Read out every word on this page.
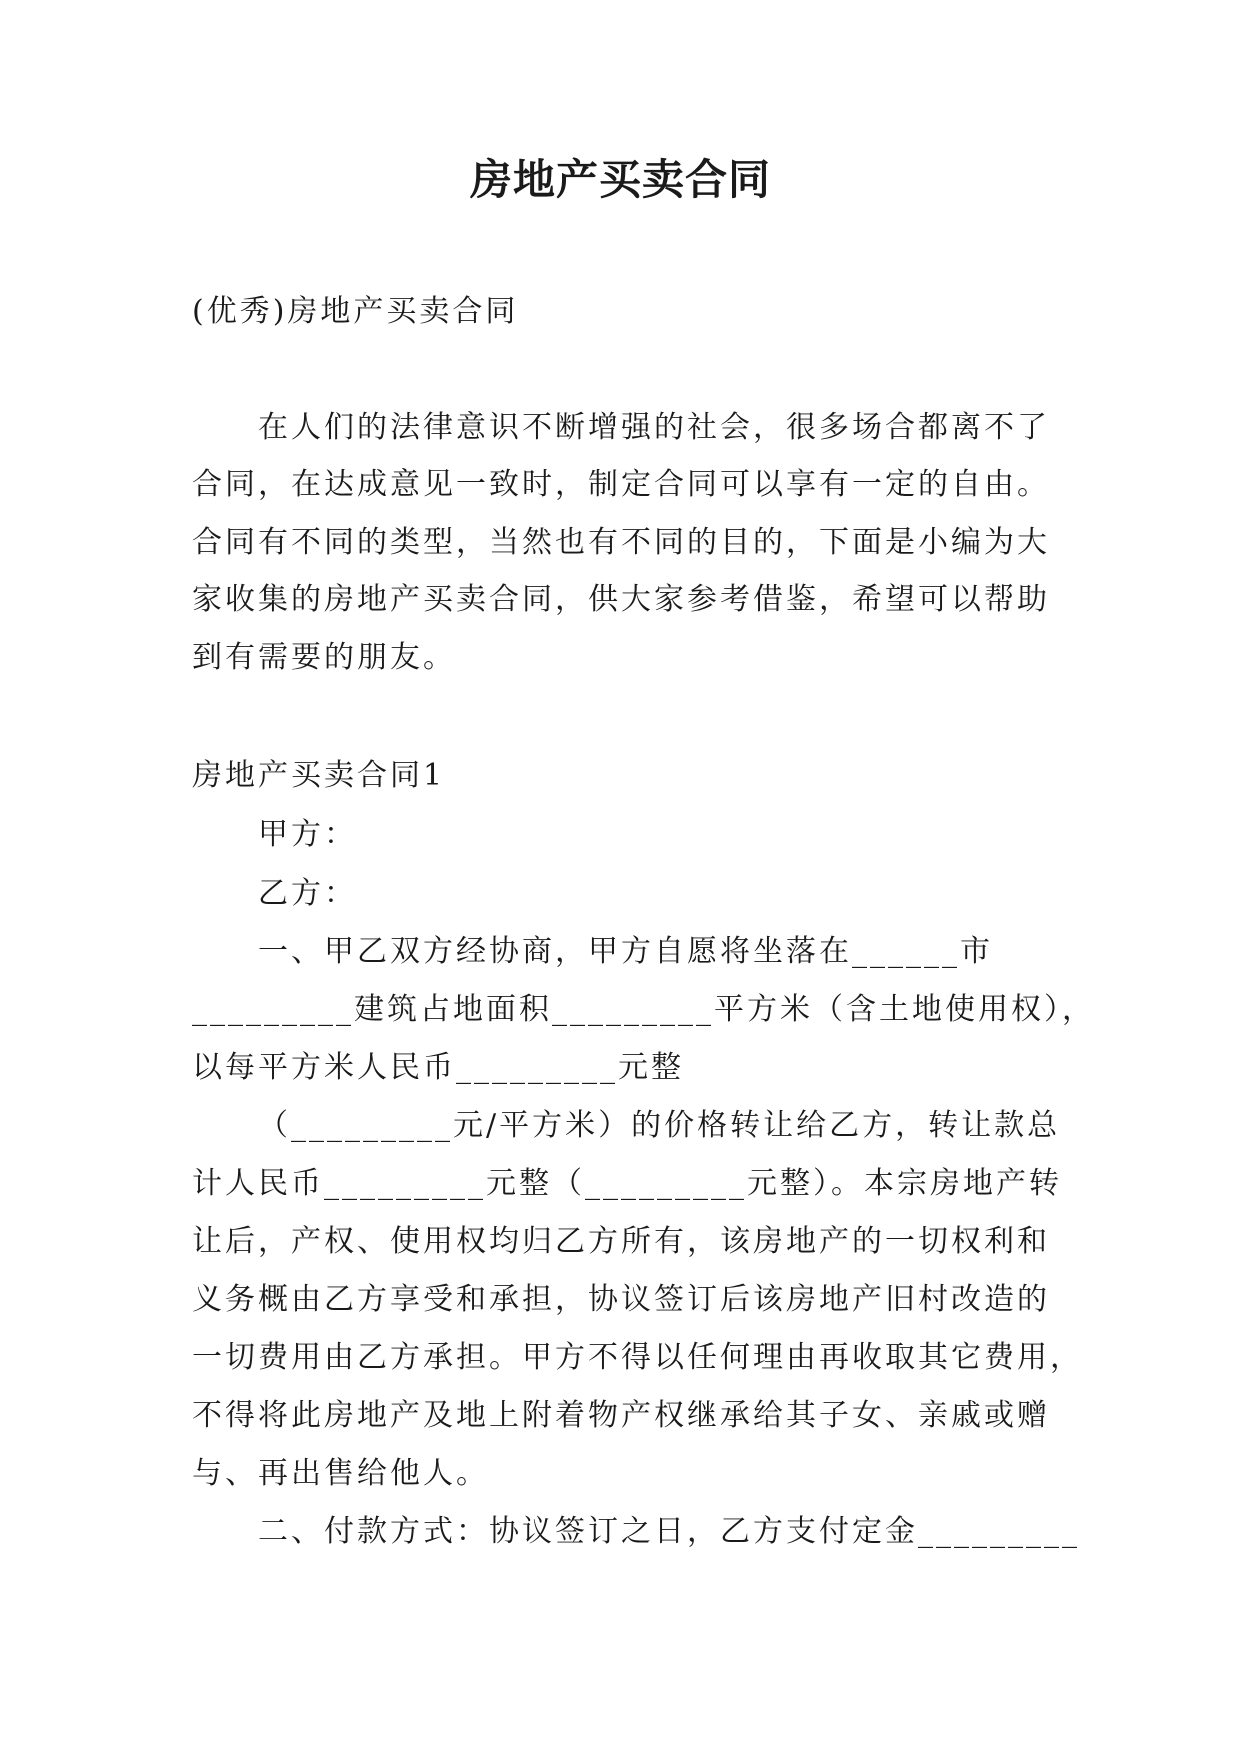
房地产买卖合同
(优秀)房地产买卖合同
在人们的法律意识不断增强的社会，很多场合都离不了
合同，在达成意见一致时，制定合同可以享有一定的自由。
合同有不同的类型，当然也有不同的目的，下面是小编为大
家收集的房地产买卖合同，供大家参考借鉴，希望可以帮助
到有需要的朋友。
房地产买卖合同1
甲方：
乙方：
一、甲乙双方经协商，甲方自愿将坐落在______市
_________建筑占地面积_________平方米（含土地使用权），
以每平方米人民币_________元整
（_________元/平方米）的价格转让给乙方，转让款总
计人民币_________元整（_________元整）。本宗房地产转
让后，产权、使用权均归乙方所有，该房地产的一切权利和
义务概由乙方享受和承担，协议签订后该房地产旧村改造的
一切费用由乙方承担。甲方不得以任何理由再收取其它费用，
不得将此房地产及地上附着物产权继承给其子女、亲戚或赠
与、再出售给他人。
二、付款方式：协议签订之日，乙方支付定金_________
